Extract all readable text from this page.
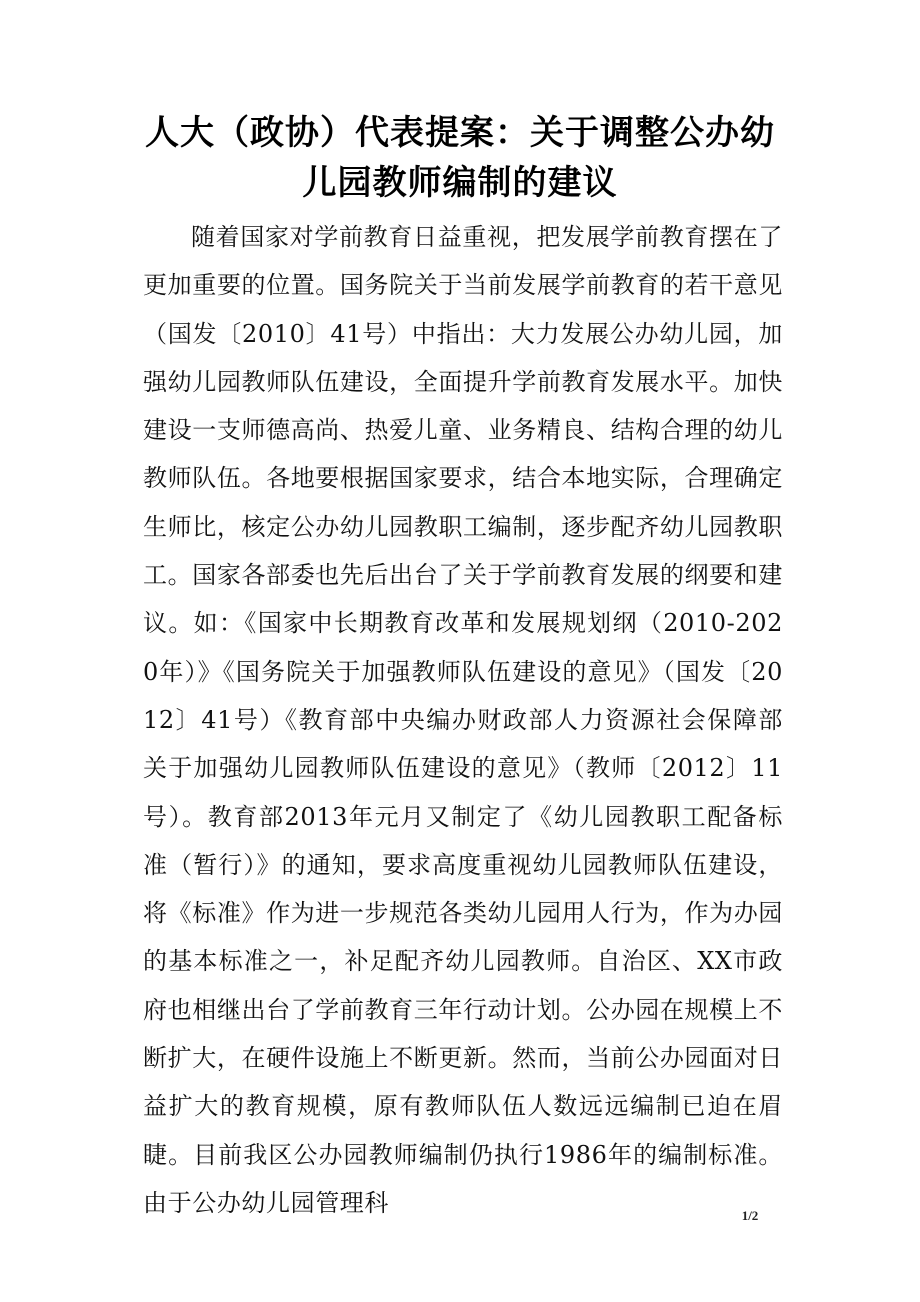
人大（政协）代表提案：关于调整公办幼儿园教师编制的建议

随着国家对学前教育日益重视，把发展学前教育摆在了更加重要的位置。国务院关于当前发展学前教育的若干意见（国发〔2010〕41号）中指出：大力发展公办幼儿园，加强幼儿园教师队伍建设，全面提升学前教育发展水平。加快建设一支师德高尚、热爱儿童、业务精良、结构合理的幼儿教师队伍。各地要根据国家要求，结合本地实际，合理确定生师比，核定公办幼儿园教职工编制，逐步配齐幼儿园教职工。国家各部委也先后出台了关于学前教育发展的纲要和建议。如：《国家中长期教育改革和发展规划纲（2010-2020年）》《国务院关于加强教师队伍建设的意见》（国发〔2012〕41号）《教育部中央编办财政部人力资源社会保障部关于加强幼儿园教师队伍建设的意见》（教师〔2012〕11号）。教育部2013年元月又制定了《幼儿园教职工配备标准（暂行）》的通知，要求高度重视幼儿园教师队伍建设，将《标准》作为进一步规范各类幼儿园用人行为，作为办园的基本标准之一，补足配齐幼儿园教师。自治区、XX市政府也相继出台了学前教育三年行动计划。公办园在规模上不断扩大，在硬件设施上不断更新。然而，当前公办园面对日益扩大的教育规模，原有教师队伍人数远远编制已迫在眉睫。目前我区公办园教师编制仍执行1986年的编制标准。由于公办幼儿园管理科	1/2
